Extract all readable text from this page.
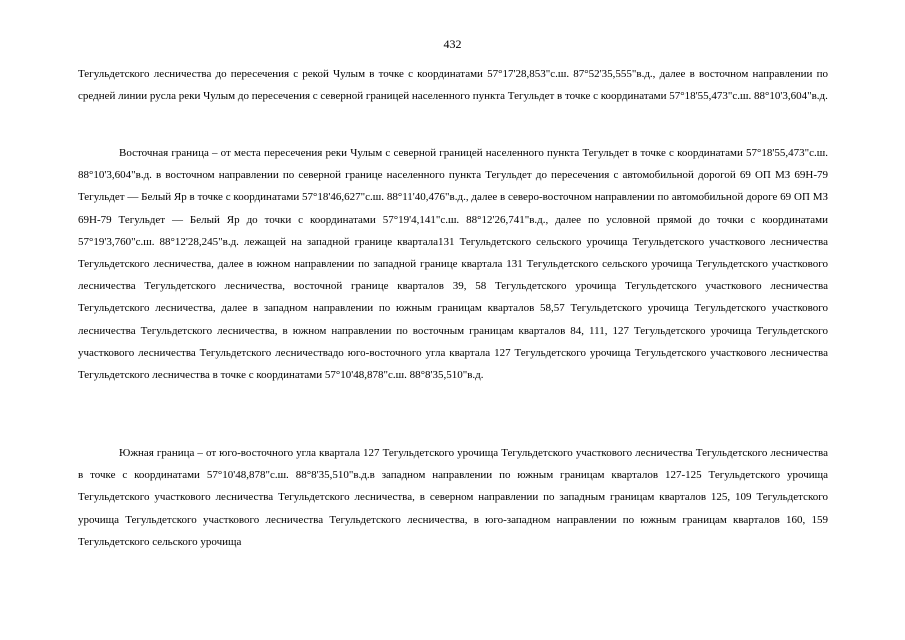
432

Тегульдетского лесничества до пересечения с рекой Чулым в точке с координатами 57°17'28,853"с.ш. 87°52'35,555"в.д., далее в восточном направлении по средней линии русла реки Чулым до пересечения с северной границей населенного пункта Тегульдет в точке с координатами 57°18'55,473"с.ш. 88°10'3,604"в.д.

Восточная граница – от места пересечения реки Чулым с северной границей населенного пункта Тегульдет в точке с координатами 57°18'55,473"с.ш. 88°10'3,604"в.д. в восточном направлении по северной границе населенного пункта Тегульдет до пересечения с автомобильной дорогой 69 ОП МЗ 69Н-79 Тегульдет — Белый Яр в точке с координатами 57°18'46,627"с.ш. 88°11'40,476"в.д., далее в северо-восточном направлении по автомобильной дороге 69 ОП МЗ 69Н-79 Тегульдет — Белый Яр до точки с координатами 57°19'4,141"с.ш. 88°12'26,741"в.д., далее по условной прямой до точки с координатами 57°19'3,760"с.ш. 88°12'28,245"в.д. лежащей на западной границе квартала131 Тегульдетского сельского урочища Тегульдетского участкового лесничества Тегульдетского лесничества, далее в южном направлении по западной границе квартала 131 Тегульдетского сельского урочища Тегульдетского участкового лесничества Тегульдетского лесничества, восточной границе кварталов 39, 58 Тегульдетского урочища Тегульдетского участкового лесничества Тегульдетского лесничества, далее в западном направлении по южным границам кварталов 58,57 Тегульдетского урочища Тегульдетского участкового лесничества Тегульдетского лесничества, в южном направлении по восточным границам кварталов 84, 111, 127 Тегульдетского урочища Тегульдетского участкового лесничества Тегульдетского лесничествадо юго-восточного угла квартала 127 Тегульдетского урочища Тегульдетского участкового лесничества Тегульдетского лесничества в точке с координатами 57°10'48,878"с.ш. 88°8'35,510"в.д.

Южная граница – от юго-восточного угла квартала 127 Тегульдетского урочища Тегульдетского участкового лесничества Тегульдетского лесничества в точке с координатами 57°10'48,878"с.ш. 88°8'35,510"в.д.в западном направлении по южным границам кварталов 127-125 Тегульдетского урочища Тегульдетского участкового лесничества Тегульдетского лесничества, в северном направлении по западным границам кварталов 125, 109 Тегульдетского урочища Тегульдетского участкового лесничества Тегульдетского лесничества, в юго-западном направлении по южным границам кварталов 160, 159 Тегульдетского сельского урочища
